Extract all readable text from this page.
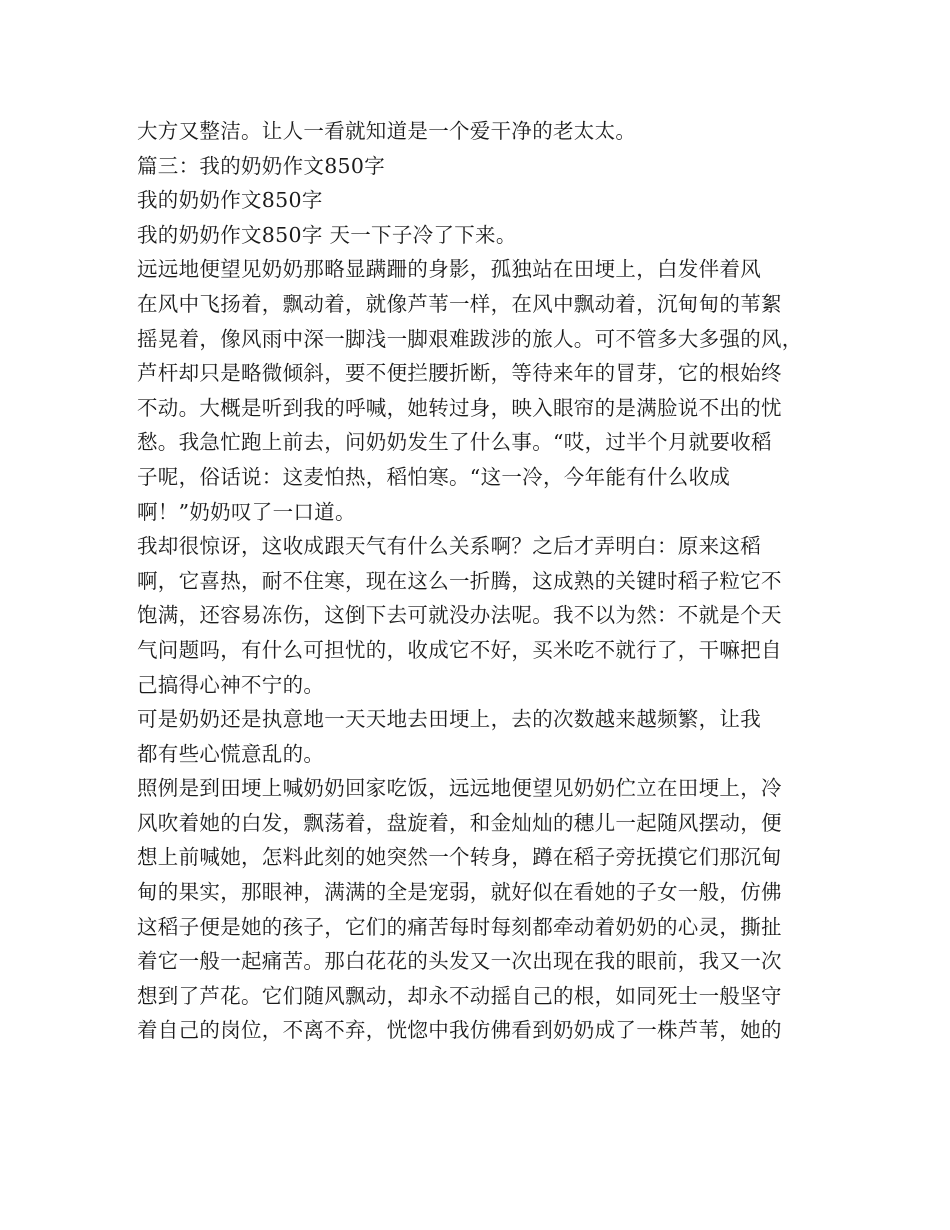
大方又整洁。让人一看就知道是一个爱干净的老太太。
篇三：我的奶奶作文850字
我的奶奶作文850字
我的奶奶作文850字 天一下子冷了下来。
远远地便望见奶奶那略显蹒跚的身影，孤独站在田埂上，白发伴着风
在风中飞扬着，飘动着，就像芦苇一样，在风中飘动着，沉甸甸的苇絮
摇晃着，像风雨中深一脚浅一脚艰难跋涉的旅人。可不管多大多强的风，
芦杆却只是略微倾斜，要不便拦腰折断，等待来年的冒芽，它的根始终
不动。大概是听到我的呼喊，她转过身，映入眼帘的是满脸说不出的忧
愁。我急忙跑上前去，问奶奶发生了什么事。“哎，过半个月就要收稻
子呢，俗话说：这麦怕热，稻怕寒。“这一冷，今年能有什么收成
啊！”奶奶叹了一口道。
我却很惊讶，这收成跟天气有什么关系啊？之后才弄明白：原来这稻
啊，它喜热，耐不住寒，现在这么一折腾，这成熟的关键时稻子粒它不
饱满，还容易冻伤，这倒下去可就没办法呢。我不以为然：不就是个天
气问题吗，有什么可担忧的，收成它不好，买米吃不就行了，干嘛把自
己搞得心神不宁的。
可是奶奶还是执意地一天天地去田埂上，去的次数越来越频繁，让我
都有些心慌意乱的。
照例是到田埂上喊奶奶回家吃饭，远远地便望见奶奶伫立在田埂上，冷
风吹着她的白发，飘荡着，盘旋着，和金灿灿的穗儿一起随风摆动，便
想上前喊她，怎料此刻的她突然一个转身，蹲在稻子旁抚摸它们那沉甸
甸的果实，那眼神，满满的全是宠弱，就好似在看她的子女一般，仿佛
这稻子便是她的孩子，它们的痛苦每时每刻都牵动着奶奶的心灵，撕扯
着它一般一起痛苦。那白花花的头发又一次出现在我的眼前，我又一次
想到了芦花。它们随风飘动，却永不动摇自己的根，如同死士一般坚守
着自己的岗位，不离不弃，恍惚中我仿佛看到奶奶成了一株芦苇，她的
